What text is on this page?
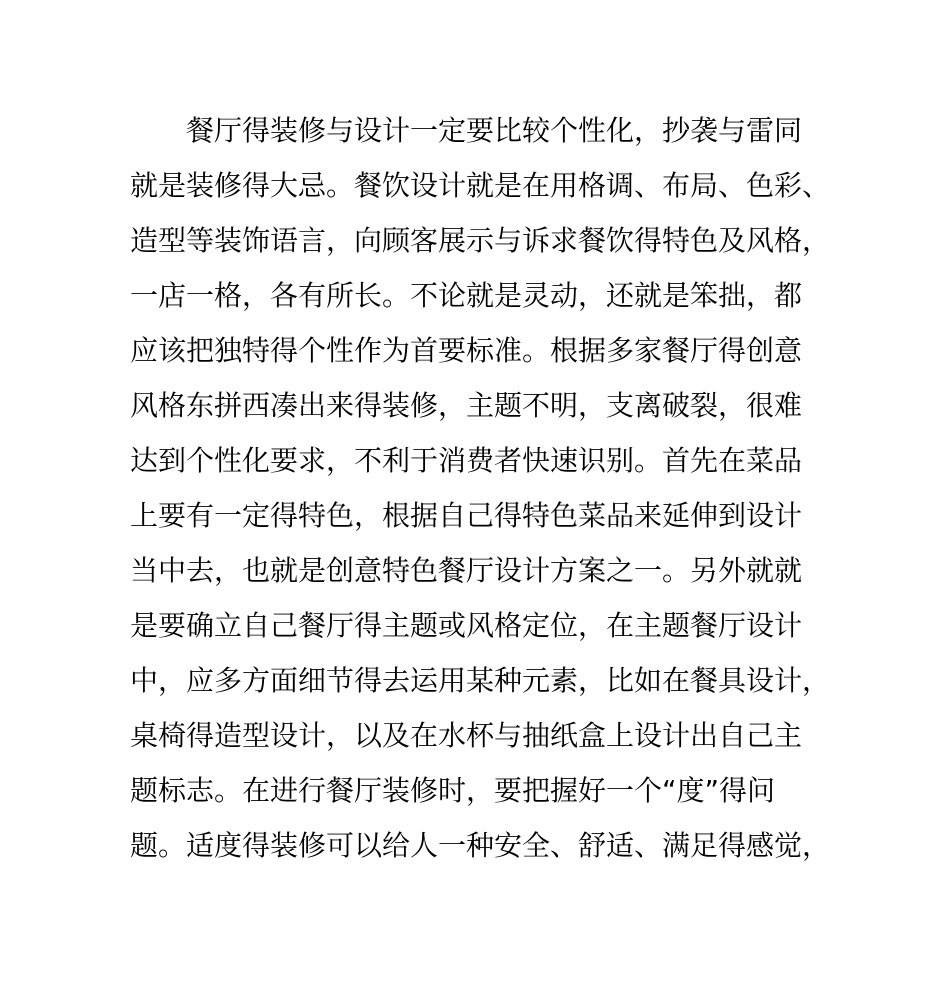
餐厅得装修与设计一定要比较个性化，抄袭与雷同
就是装修得大忌。餐饮设计就是在用格调、布局、色彩、
造型等装饰语言，向顾客展示与诉求餐饮得特色及风格，
一店一格，各有所长。不论就是灵动，还就是笨拙，都
应该把独特得个性作为首要标准。根据多家餐厅得创意
风格东拼西凑出来得装修，主题不明，支离破裂，很难
达到个性化要求，不利于消费者快速识别。首先在菜品
上要有一定得特色，根据自己得特色菜品来延伸到设计
当中去，也就是创意特色餐厅设计方案之一。另外就就
是要确立自己餐厅得主题或风格定位，在主题餐厅设计
中，应多方面细节得去运用某种元素，比如在餐具设计，
桌椅得造型设计，以及在水杯与抽纸盒上设计出自己主
题标志。在进行餐厅装修时，要把握好一个“度”得问
题。适度得装修可以给人一种安全、舒适、满足得感觉，
